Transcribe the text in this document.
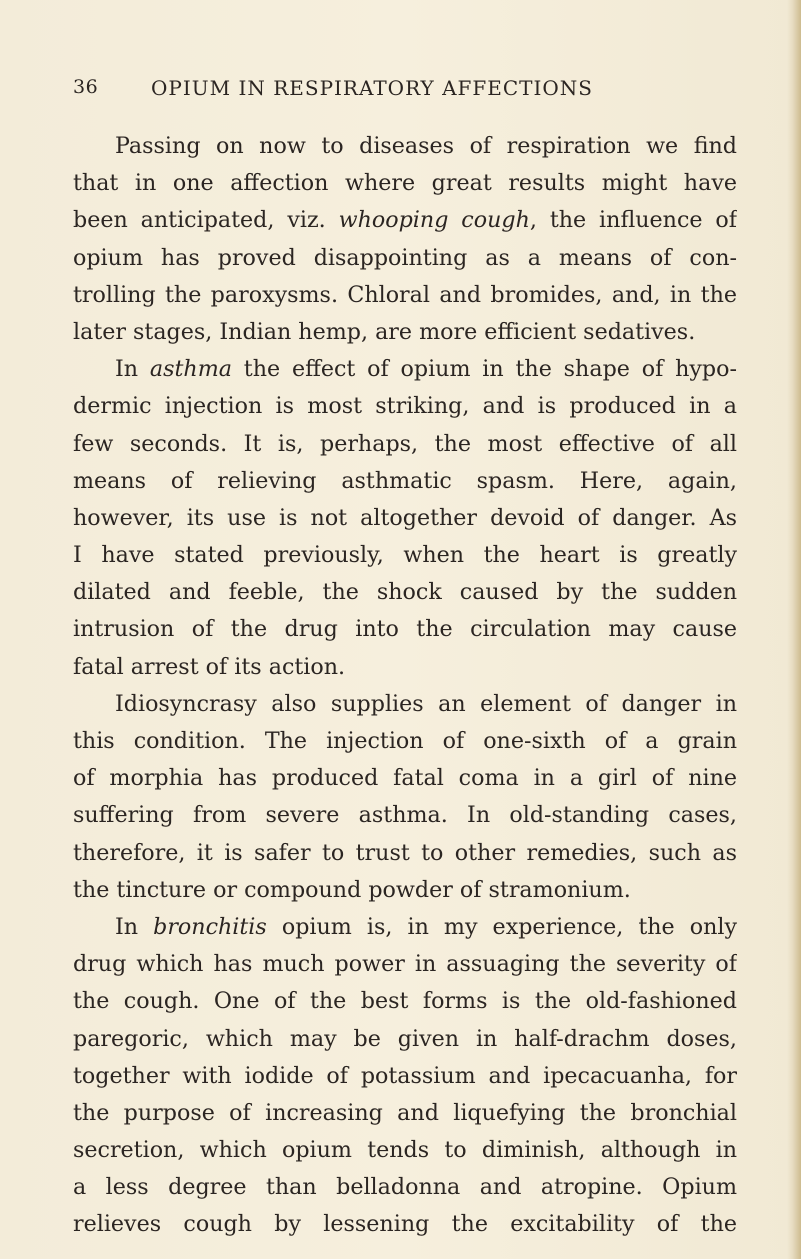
36	OPIUM IN RESPIRATORY AFFECTIONS
Passing on now to diseases of respiration we find
that in one affection where great results might have
been anticipated, viz. whooping cough, the influence of
opium has proved disappointing as a means of con-
trolling the paroxysms. Chloral and bromides, and, in the
later stages, Indian hemp, are more efficient sedatives.
In asthma the effect of opium in the shape of hypo-
dermic injection is most striking, and is produced in a
few seconds. It is, perhaps, the most effective of all
means of relieving asthmatic spasm. Here, again,
however, its use is not altogether devoid of danger. As
I have stated previously, when the heart is greatly
dilated and feeble, the shock caused by the sudden
intrusion of the drug into the circulation may cause
fatal arrest of its action.
Idiosyncrasy also supplies an element of danger in
this condition. The injection of one-sixth of a grain
of morphia has produced fatal coma in a girl of nine
suffering from severe asthma. In old-standing cases,
therefore, it is safer to trust to other remedies, such as
the tincture or compound powder of stramonium.
In bronchitis opium is, in my experience, the only
drug which has much power in assuaging the severity of
the cough. One of the best forms is the old-fashioned
paregoric, which may be given in half-drachm doses,
together with iodide of potassium and ipecacuanha, for
the purpose of increasing and liquefying the bronchial
secretion, which opium tends to diminish, although in
a less degree than belladonna and atropine. Opium
relieves cough by lessening the excitability of the
